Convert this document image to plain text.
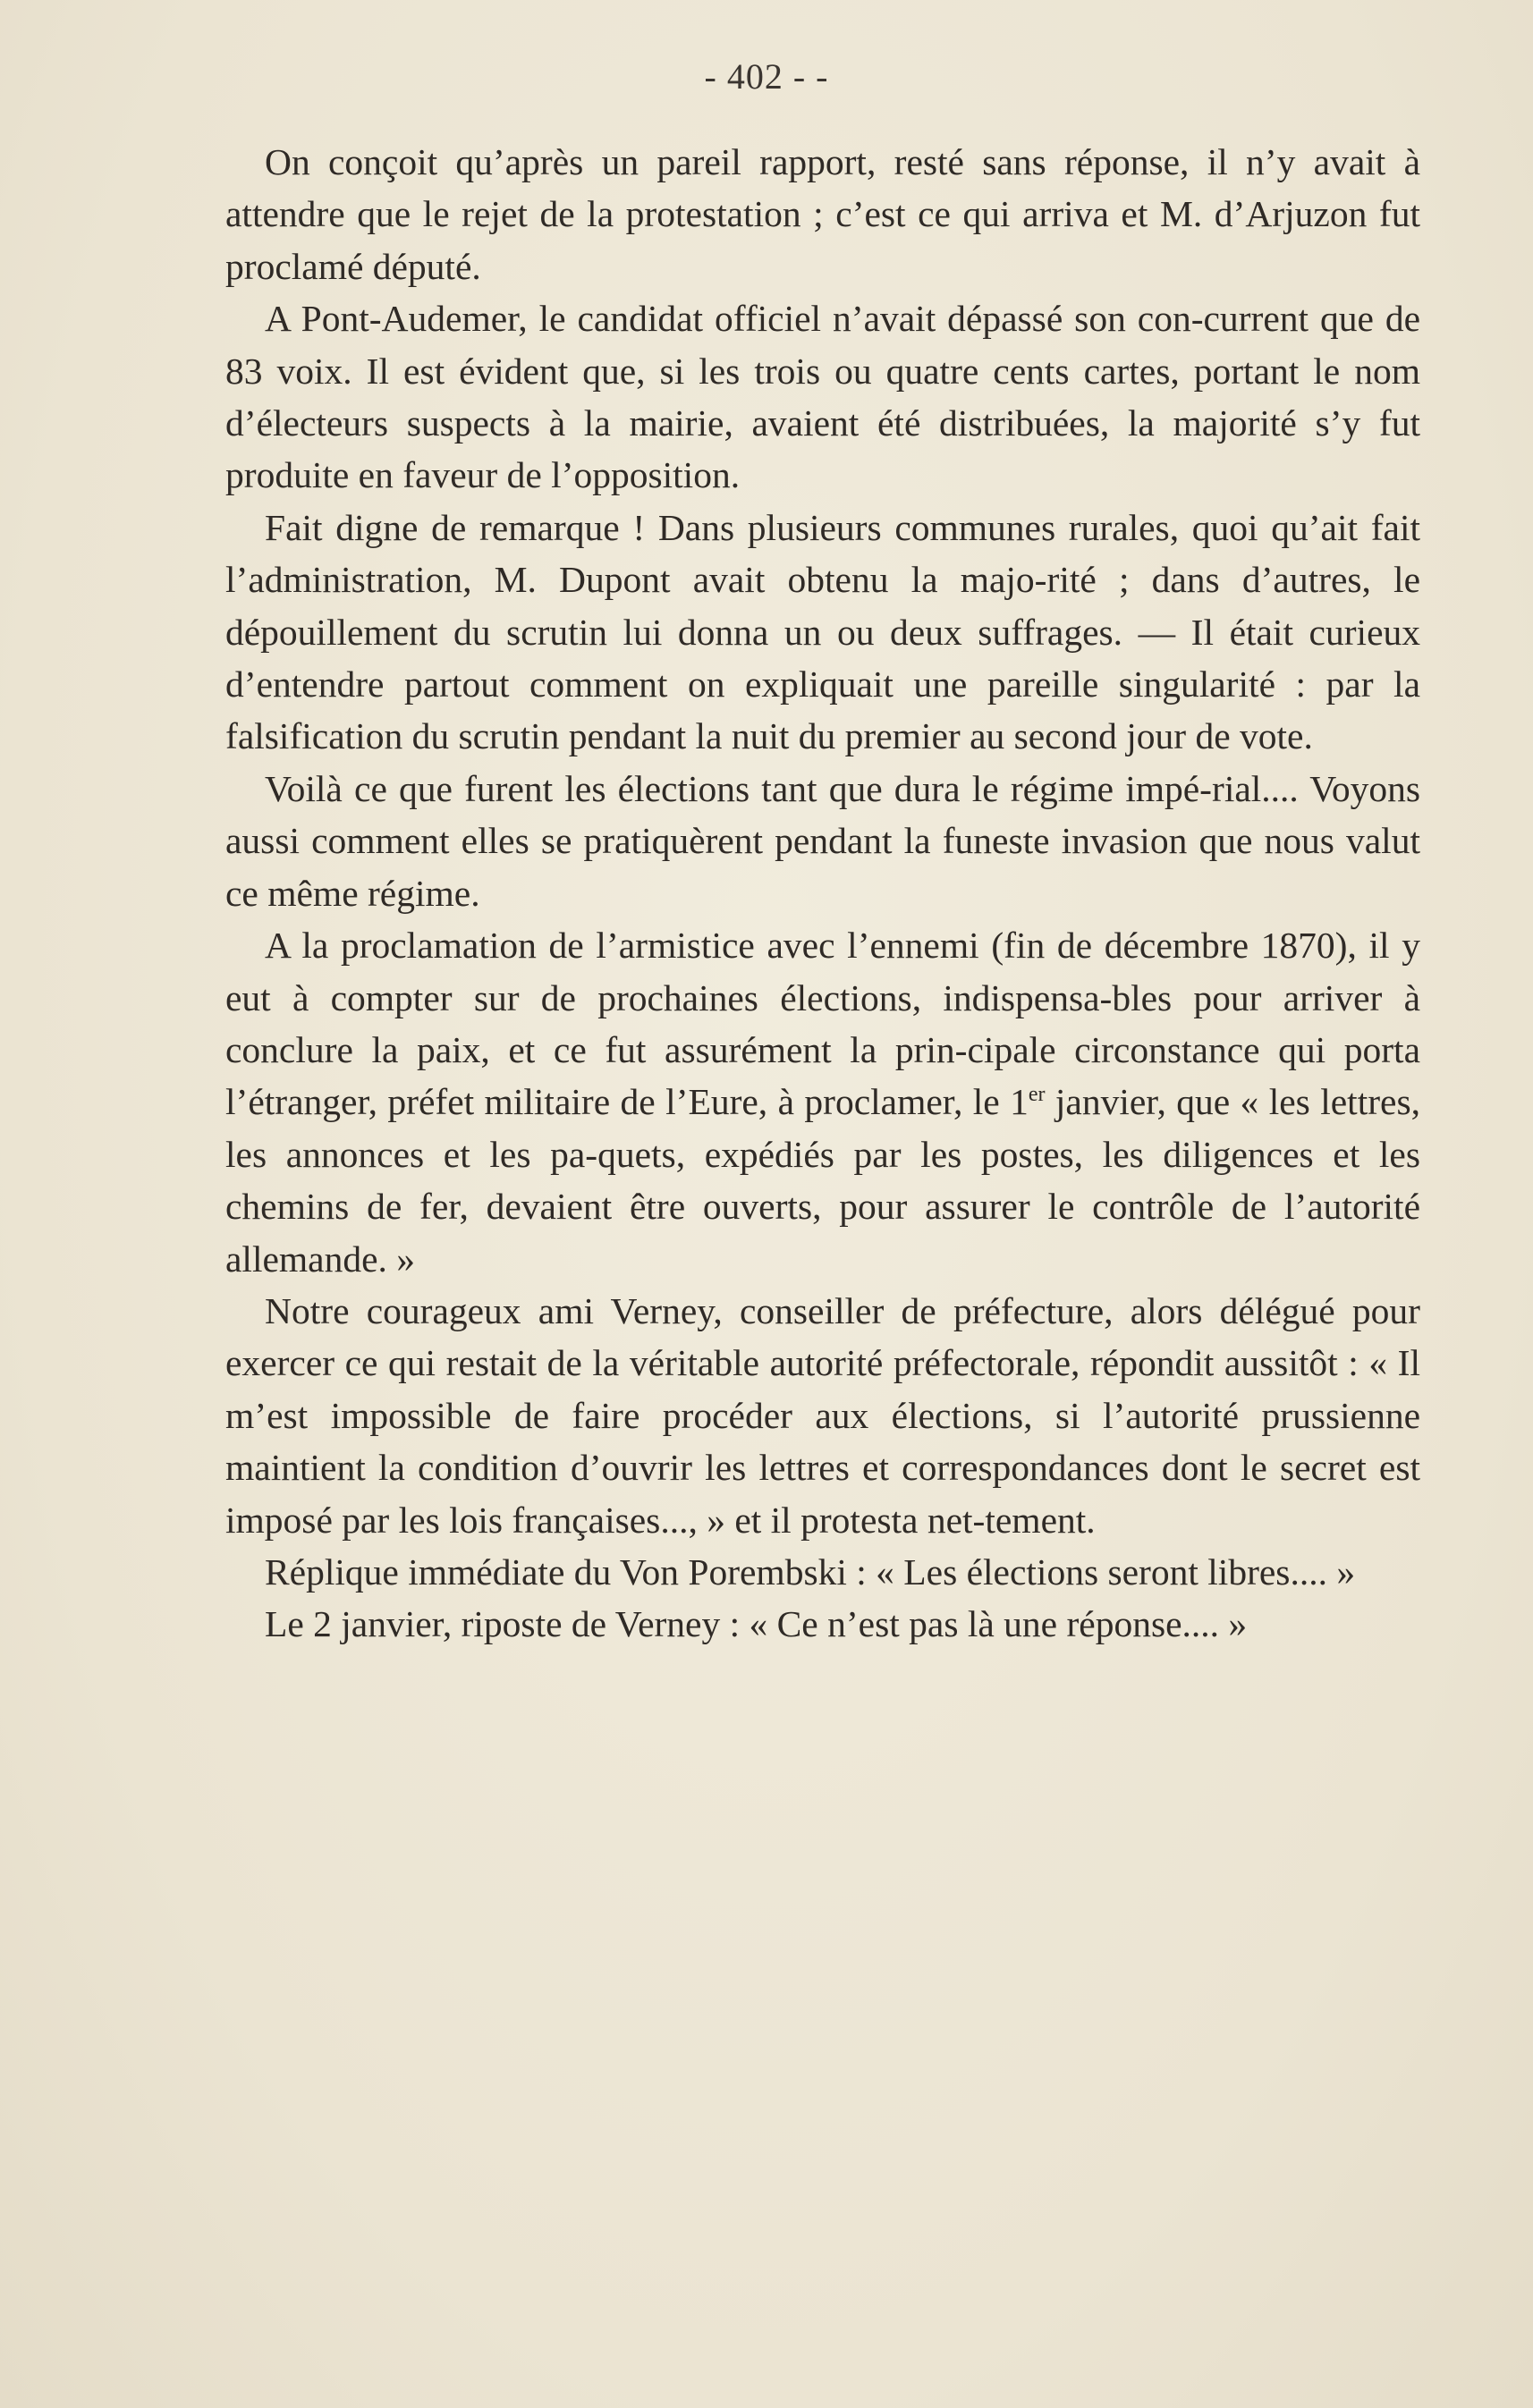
- 402 - -

On conçoit qu’après un pareil rapport, resté sans réponse, il n’y avait à attendre que le rejet de la protestation ; c’est ce qui arriva et M. d’Arjuzon fut proclamé député.

A Pont-Audemer, le candidat officiel n’avait dépassé son con-current que de 83 voix. Il est évident que, si les trois ou quatre cents cartes, portant le nom d’électeurs suspects à la mairie, avaient été distribuées, la majorité s’y fut produite en faveur de l’opposition.

Fait digne de remarque ! Dans plusieurs communes rurales, quoi qu’ait fait l’administration, M. Dupont avait obtenu la majo-rité ; dans d’autres, le dépouillement du scrutin lui donna un ou deux suffrages. — Il était curieux d’entendre partout comment on expliquait une pareille singularité : par la falsification du scrutin pendant la nuit du premier au second jour de vote.

Voilà ce que furent les élections tant que dura le régime impé-rial.... Voyons aussi comment elles se pratiquèrent pendant la funeste invasion que nous valut ce même régime.

A la proclamation de l’armistice avec l’ennemi (fin de décembre 1870), il y eut à compter sur de prochaines élections, indispensa-bles pour arriver à conclure la paix, et ce fut assurément la prin-cipale circonstance qui porta l’étranger, préfet militaire de l’Eure, à proclamer, le 1er janvier, que « les lettres, les annonces et les pa-quets, expédiés par les postes, les diligences et les chemins de fer, devaient être ouverts, pour assurer le contrôle de l’autorité allemande. »

Notre courageux ami Verney, conseiller de préfecture, alors délégué pour exercer ce qui restait de la véritable autorité préfectorale, répondit aussitôt : « Il m’est impossible de faire procéder aux élections, si l’autorité prussienne maintient la condition d’ouvrir les lettres et correspondances dont le secret est imposé par les lois françaises..., » et il protesta net-tement.

Réplique immédiate du Von Porembski : « Les élections seront libres.... »

Le 2 janvier, riposte de Verney : « Ce n’est pas là une réponse.... »
